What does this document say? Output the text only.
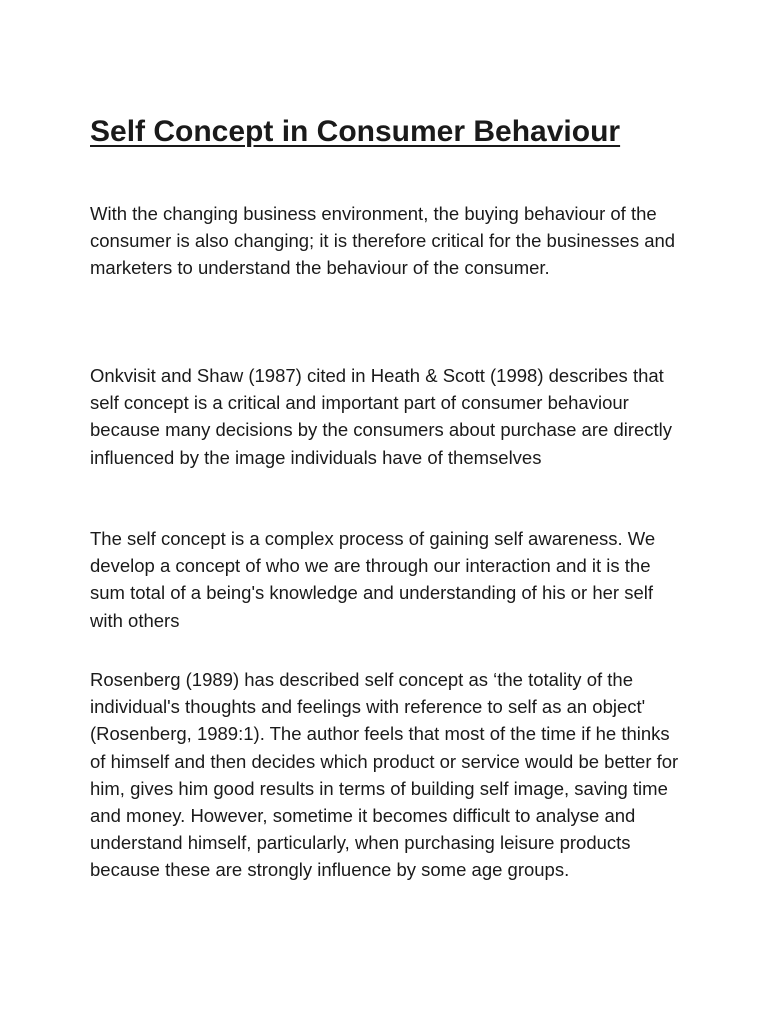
Self Concept in Consumer Behaviour

With the changing business environment, the buying behaviour of the consumer is also changing; it is therefore critical for the businesses and marketers to understand the behaviour of the consumer.

Onkvisit and Shaw (1987) cited in Heath & Scott (1998) describes that self concept is a critical and important part of consumer behaviour because many decisions by the consumers about purchase are directly influenced by the image individuals have of themselves

The self concept is a complex process of gaining self awareness. We develop a concept of who we are through our interaction and it is the sum total of a being's knowledge and understanding of his or her self with others

Rosenberg (1989) has described self concept as ‘the totality of the individual's thoughts and feelings with reference to self as an object' (Rosenberg, 1989:1). The author feels that most of the time if he thinks of himself and then decides which product or service would be better for him, gives him good results in terms of building self image, saving time and money. However, sometime it becomes difficult to analyse and understand himself, particularly, when purchasing leisure products because these are strongly influence by some age groups.
